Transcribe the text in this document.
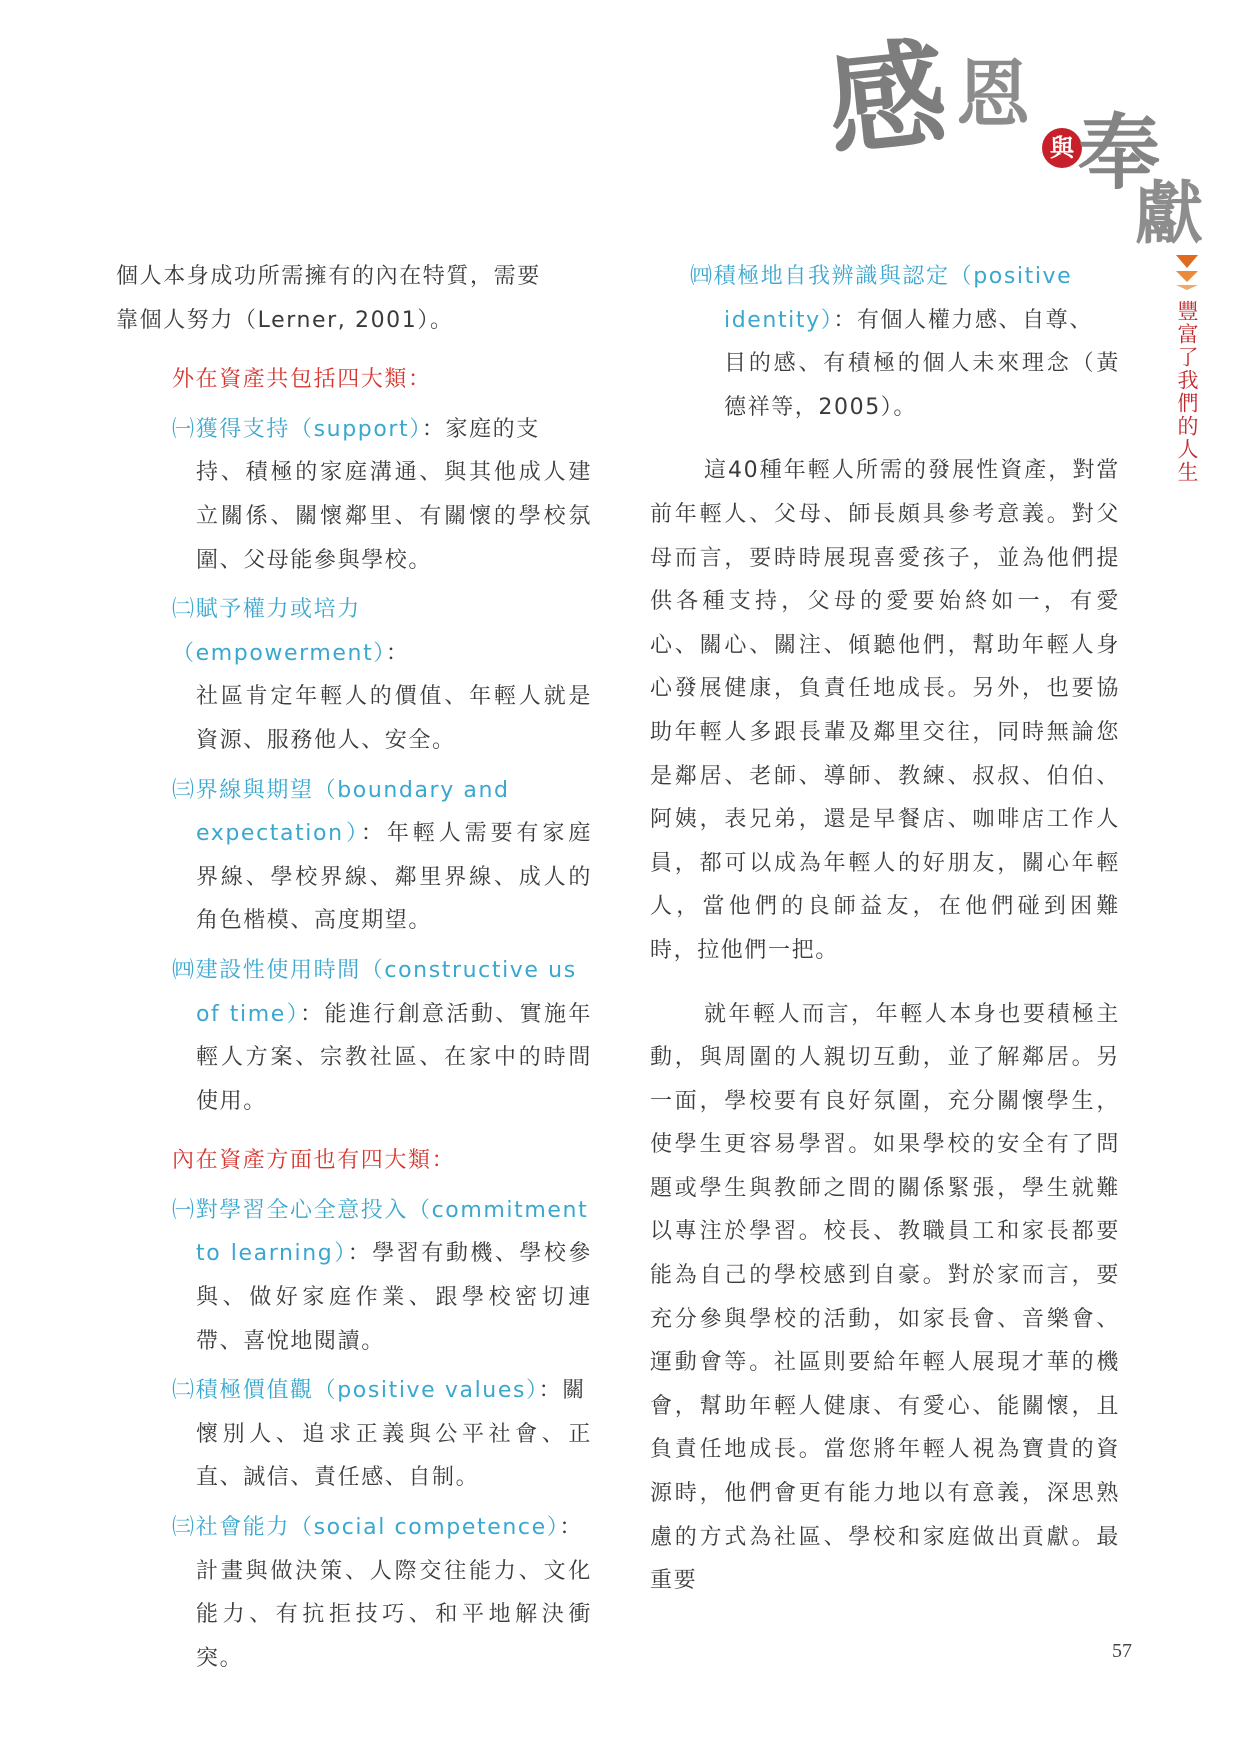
感 恩
與 奉
獻
豐富了我們的人生

個人本身成功所需擁有的內在特質，需要

靠個人努力（Lerner, 2001）。

外在資產共包括四大類：

㈠獲得支持（support）：家庭的支

持、積極的家庭溝通、與其他成人建立關係、關懷鄰里、有關懷的學校氛圍、父母能參與學校。

㈡賦予權力或培力（empowerment）：

社區肯定年輕人的價值、年輕人就是資源、服務他人、安全。

㈢界線與期望（boundary and

expectation）：年輕人需要有家庭界線、學校界線、鄰里界線、成人的角色楷模、高度期望。

㈣建設性使用時間（constructive us

of time）：能進行創意活動、實施年輕人方案、宗教社區、在家中的時間使用。

內在資產方面也有四大類：

㈠對學習全心全意投入（commitment

to learning）：學習有動機、學校參與、做好家庭作業、跟學校密切連帶、喜悅地閱讀。

㈡積極價值觀（positive values）：關

懷別人、追求正義與公平社會、正直、誠信、責任感、自制。

㈢社會能力（social competence）：

計畫與做決策、人際交往能力、文化能力、有抗拒技巧、和平地解決衝突。

㈣積極地自我辨識與認定（positive

identity）：有個人權力感、自尊、

目的感、有積極的個人未來理念（黃德祥等，2005）。

這40種年輕人所需的發展性資產，對當前年輕人、父母、師長頗具參考意義。對父母而言，要時時展現喜愛孩子，並為他們提供各種支持，父母的愛要始終如一，有愛心、關心、關注、傾聽他們，幫助年輕人身心發展健康，負責任地成長。另外，也要協助年輕人多跟長輩及鄰里交往，同時無論您是鄰居、老師、導師、教練、叔叔、伯伯、阿姨，表兄弟，還是早餐店、咖啡店工作人員，都可以成為年輕人的好朋友，關心年輕人，當他們的良師益友，在他們碰到困難時，拉他們一把。

就年輕人而言，年輕人本身也要積極主動，與周圍的人親切互動，並了解鄰居。另一面，學校要有良好氛圍，充分關懷學生，使學生更容易學習。如果學校的安全有了問題或學生與教師之間的關係緊張，學生就難以專注於學習。校長、教職員工和家長都要能為自己的學校感到自豪。對於家而言，要充分參與學校的活動，如家長會、音樂會、運動會等。社區則要給年輕人展現才華的機會，幫助年輕人健康、有愛心、能關懷，且負責任地成長。當您將年輕人視為寶貴的資源時，他們會更有能力地以有意義，深思熟慮的方式為社區、學校和家庭做出貢獻。最重要

57
